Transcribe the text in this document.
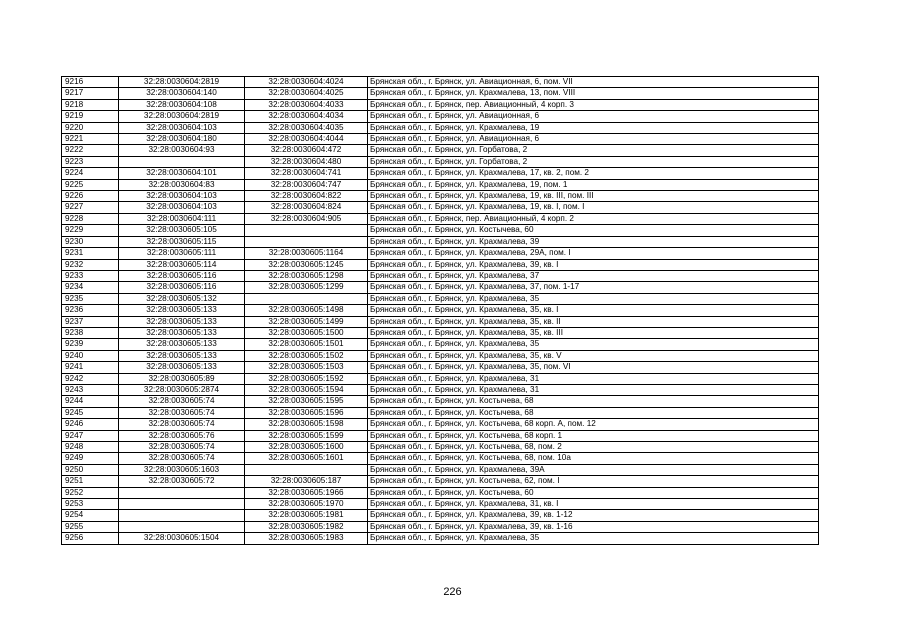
9216	32:28:0030604:2819	32:28:0030604:4024	Брянская обл., г. Брянск, ул. Авиационная, 6, пом. VII
9217	32:28:0030604:140	32:28:0030604:4025	Брянская обл., г. Брянск, ул. Крахмалева, 13, пом. VIII
9218	32:28:0030604:108	32:28:0030604:4033	Брянская обл., г. Брянск, пер. Авиационный, 4 корп. 3
9219	32:28:0030604:2819	32:28:0030604:4034	Брянская обл., г. Брянск, ул. Авиационная, 6
9220	32:28:0030604:103	32:28:0030604:4035	Брянская обл., г. Брянск, ул. Крахмалева, 19
9221	32:28:0030604:180	32:28:0030604:4044	Брянская обл., г. Брянск, ул. Авиационная, 6
9222	32:28:0030604:93	32:28:0030604:472	Брянская обл., г. Брянск, ул. Горбатова, 2
9223		32:28:0030604:480	Брянская обл., г. Брянск, ул. Горбатова, 2
9224	32:28:0030604:101	32:28:0030604:741	Брянская обл., г. Брянск, ул. Крахмалева, 17, кв. 2, пом. 2
9225	32:28:0030604:83	32:28:0030604:747	Брянская обл., г. Брянск, ул. Крахмалева, 19, пом. 1
9226	32:28:0030604:103	32:28:0030604:822	Брянская обл., г. Брянск, ул. Крахмалева, 19, кв. III, пом. III
9227	32:28:0030604:103	32:28:0030604:824	Брянская обл., г. Брянск, ул. Крахмалева, 19, кв. I, пом. I
9228	32:28:0030604:111	32:28:0030604:905	Брянская обл., г. Брянск, пер. Авиационный, 4 корп. 2
9229	32:28:0030605:105		Брянская обл., г. Брянск, ул. Костычева, 60
9230	32:28:0030605:115		Брянская обл., г. Брянск, ул. Крахмалева, 39
9231	32:28:0030605:111	32:28:0030605:1164	Брянская обл., г. Брянск, ул. Крахмалева, 29А, пом. I
9232	32:28:0030605:114	32:28:0030605:1245	Брянская обл., г. Брянск, ул. Крахмалева, 39, кв. I
9233	32:28:0030605:116	32:28:0030605:1298	Брянская обл., г. Брянск, ул. Крахмалева, 37
9234	32:28:0030605:116	32:28:0030605:1299	Брянская обл., г. Брянск, ул. Крахмалева, 37, пом. 1-17
9235	32:28:0030605:132		Брянская обл., г. Брянск, ул. Крахмалева, 35
9236	32:28:0030605:133	32:28:0030605:1498	Брянская обл., г. Брянск, ул. Крахмалева, 35, кв. I
9237	32:28:0030605:133	32:28:0030605:1499	Брянская обл., г. Брянск, ул. Крахмалева, 35, кв. II
9238	32:28:0030605:133	32:28:0030605:1500	Брянская обл., г. Брянск, ул. Крахмалева, 35, кв. III
9239	32:28:0030605:133	32:28:0030605:1501	Брянская обл., г. Брянск, ул. Крахмалева, 35
9240	32:28:0030605:133	32:28:0030605:1502	Брянская обл., г. Брянск, ул. Крахмалева, 35, кв. V
9241	32:28:0030605:133	32:28:0030605:1503	Брянская обл., г. Брянск, ул. Крахмалева, 35, пом. VI
9242	32:28:0030605:89	32:28:0030605:1592	Брянская обл., г. Брянск, ул. Крахмалева, 31
9243	32:28:0030605:2874	32:28:0030605:1594	Брянская обл., г. Брянск, ул. Крахмалева, 31
9244	32:28:0030605:74	32:28:0030605:1595	Брянская обл., г. Брянск, ул. Костычева, 68
9245	32:28:0030605:74	32:28:0030605:1596	Брянская обл., г. Брянск, ул. Костычева, 68
9246	32:28:0030605:74	32:28:0030605:1598	Брянская обл., г. Брянск, ул. Костычева, 68 корп. А, пом. 12
9247	32:28:0030605:76	32:28:0030605:1599	Брянская обл., г. Брянск, ул. Костычева, 68 корп. 1
9248	32:28:0030605:74	32:28:0030605:1600	Брянская обл., г. Брянск, ул. Костычева, 68, пом. 2
9249	32:28:0030605:74	32:28:0030605:1601	Брянская обл., г. Брянск, ул. Костычева, 68, пом. 10а
9250	32:28:0030605:1603		Брянская обл., г. Брянск, ул. Крахмалева, 39А
9251	32:28:0030605:72	32:28:0030605:187	Брянская обл., г. Брянск, ул. Костычева, 62, пом. I
9252		32:28:0030605:1966	Брянская обл., г. Брянск, ул. Костычева, 60
9253		32:28:0030605:1970	Брянская обл., г. Брянск, ул. Крахмалева, 31, кв. I
9254		32:28:0030605:1981	Брянская обл., г. Брянск, ул. Крахмалева, 39, кв. 1-12
9255		32:28:0030605:1982	Брянская обл., г. Брянск, ул. Крахмалева, 39, кв. 1-16
9256	32:28:0030605:1504	32:28:0030605:1983	Брянская обл., г. Брянск, ул. Крахмалева, 35
226
